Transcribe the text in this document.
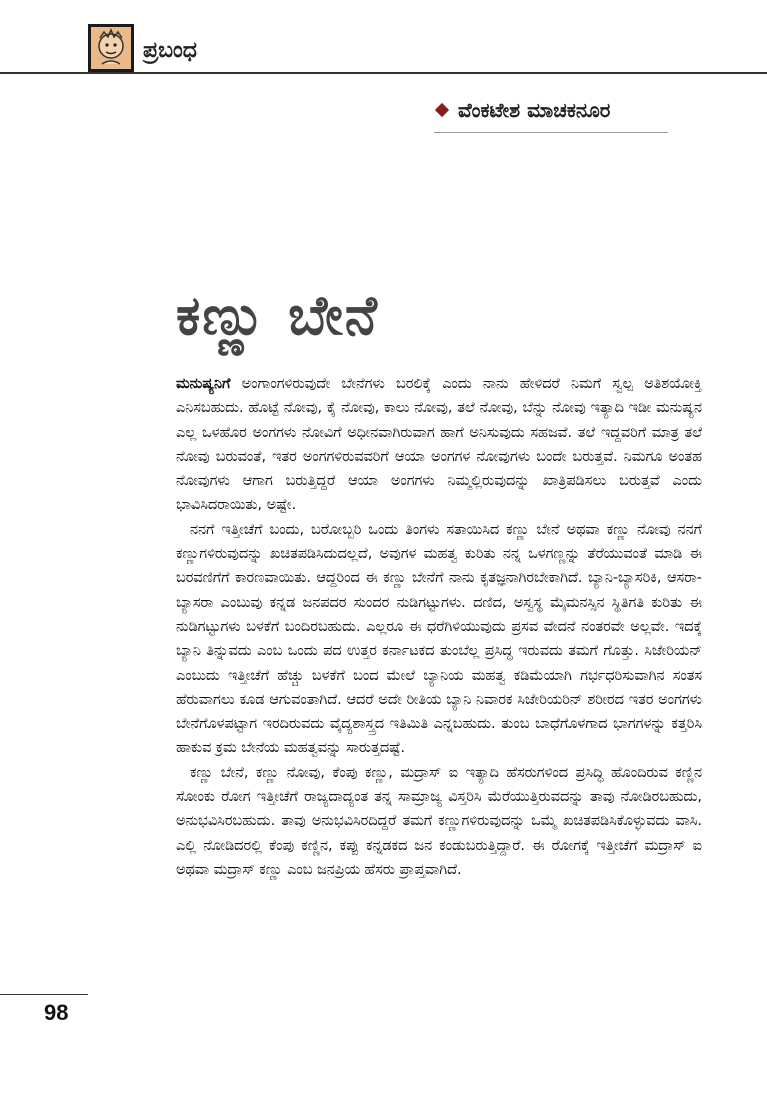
ಪ್ರಬಂಧ
ವೆಂಕಟೇಶ ಮಾಚಕನೂರ
ಕಣ್ಣು ಬೇನೆ

ಮನುಷ್ಯನಿಗೆ ಅಂಗಾಂಗಳಿರುವುದೇ ಬೇನೆಗಳು ಬರಲಿಕ್ಕೆ ಎಂದು ನಾನು ಹೇಳಿದರೆ ನಿಮಗೆ ಸ್ವಲ್ಪ ಅತಿಶಯೋಕ್ತಿ ಎನಿಸಬಹುದು. ಹೊಟ್ಟೆ ನೋವು, ಕೈ ನೋವು, ಕಾಲು ನೋವು, ತಲೆ ನೋವು, ಬೆನ್ನು ನೋವು ಇತ್ಯಾದಿ ಇಡೀ ಮನುಷ್ಯನ ಎಲ್ಲ ಒಳಹೊರ ಅಂಗಗಳು ನೋವಿಗೆ ಅಧೀನವಾಗಿರುವಾಗ ಹಾಗೆ ಅನಿಸುವುದು ಸಹಜವೆ. ತಲೆ ಇದ್ದವರಿಗೆ ಮಾತ್ರ ತಲೆ ನೋವು ಬರುವಂತೆ, ಇತರ ಅಂಗಗಳಿರುವವರಿಗೆ ಆಯಾ ಅಂಗಗಳ ನೋವುಗಳು ಬಂದೇ ಬರುತ್ತವೆ. ನಿಮಗೂ ಅಂತಹ ನೋವುಗಳು ಆಗಾಗ ಬರುತ್ತಿದ್ದರೆ ಆಯಾ ಅಂಗಗಳು ನಿಮ್ಮಲ್ಲಿರುವುದನ್ನು ಖಾತ್ರಿಪಡಿಸಲು ಬರುತ್ತವೆ ಎಂದು ಭಾವಿಸಿದರಾಯಿತು, ಅಷ್ಟೇ.

ನನಗೆ ಇತ್ತೀಚೆಗೆ ಬಂದು, ಬರೋಬ್ಬರಿ ಒಂದು ತಿಂಗಳು ಸತಾಯಿಸಿದ ಕಣ್ಣು ಬೇನೆ ಅಥವಾ ಕಣ್ಣು ನೋವು ನನಗೆ ಕಣ್ಣುಗಳಿರುವುದನ್ನು ಖಚಿತಪಡಿಸಿದುದಲ್ಲದೆ, ಅವುಗಳ ಮಹತ್ವ ಕುರಿತು ನನ್ನ ಒಳಗಣ್ಣನ್ನು ತೆರೆಯುವಂತೆ ಮಾಡಿ ಈ ಬರವಣಿಗೆಗೆ ಕಾರಣವಾಯಿತು. ಆದ್ದರಿಂದ ಈ ಕಣ್ಣು ಬೇನೆಗೆ ನಾನು ಕೃತಜ್ಞನಾಗಿರಬೇಕಾಗಿದೆ. ಬ್ಯಾನಿ-ಬ್ಯಾಸರಿಕಿ, ಆಸರಾ-ಬ್ಯಾಸರಾ ಎಂಬುವು ಕನ್ನಡ ಜನಪದರ ಸುಂದರ ನುಡಿಗಟ್ಟುಗಳು. ದಣಿದ, ಅಸ್ವಸ್ಥ ಮೈಮನಸ್ಸಿನ ಸ್ಥಿತಿಗತಿ ಕುರಿತು ಈ ನುಡಿಗಟ್ಟುಗಳು ಬಳಕೆಗೆ ಬಂದಿರಬಹುದು. ಎಲ್ಲರೂ ಈ ಧರೆಗಿಳಿಯುವುದು ಪ್ರಸವ ವೇದನೆ ನಂತರವೇ ಅಲ್ಲವೇ. ಇದಕ್ಕೆ ಬ್ಯಾನಿ ತಿನ್ನುವದು ಎಂಬ ಒಂದು ಪದ ಉತ್ತರ ಕರ್ನಾಟಕದ ತುಂಬೆಲ್ಲ ಪ್ರಸಿದ್ಧ ಇರುವದು ತಮಗೆ ಗೊತ್ತು. ಸಿಜೇರಿಯನ್ ಎಂಬುದು ಇತ್ತೀಚೆಗೆ ಹೆಚ್ಚು ಬಳಕೆಗೆ ಬಂದ ಮೇಲೆ ಬ್ಯಾನಿಯ ಮಹತ್ವ ಕಡಿಮೆಯಾಗಿ ಗರ್ಭಧರಿಸುವಾಗಿನ ಸಂತಸ ಹೆರುವಾಗಲು ಕೂಡ ಆಗುವಂತಾಗಿದೆ. ಆದರೆ ಅದೇ ರೀತಿಯ ಬ್ಯಾನಿ ನಿವಾರಕ ಸಿಜೇರಿಯರಿನ್ ಶರೀರದ ಇತರ ಅಂಗಗಳು ಬೇನೆಗೊಳಪಟ್ಟಾಗ ಇರದಿರುವದು ವೈದ್ಯಶಾಸ್ತ್ರದ ಇತಿಮಿತಿ ಎನ್ನಬಹುದು. ತುಂಬ ಬಾಧೆಗೊಳಗಾದ ಭಾಗಗಳನ್ನು ಕತ್ತರಿಸಿ ಹಾಕುವ ಕ್ರಮ ಬೇನೆಯ ಮಹತ್ವವನ್ನು ಸಾರುತ್ತದಷ್ಟೆ.

ಕಣ್ಣು ಬೇನೆ, ಕಣ್ಣು ನೋವು, ಕೆಂಪು ಕಣ್ಣು, ಮದ್ರಾಸ್ ಐ ಇತ್ಯಾದಿ ಹೆಸರುಗಳಿಂದ ಪ್ರಸಿದ್ಧಿ ಹೊಂದಿರುವ ಕಣ್ಣಿನ ಸೋಂಕು ರೋಗ ಇತ್ತೀಚೆಗೆ ರಾಜ್ಯದಾದ್ಯಂತ ತನ್ನ ಸಾಮ್ರಾಜ್ಯ ವಿಸ್ತರಿಸಿ ಮೆರೆಯುತ್ತಿರುವದನ್ನು ತಾವು ನೋಡಿರಬಹುದು, ಅನುಭವಿಸಿರಬಹುದು. ತಾವು ಅನುಭವಿಸಿರದಿದ್ದರೆ ತಮಗೆ ಕಣ್ಣುಗಳಿರುವುದನ್ನು ಒಮ್ಮೆ ಖಚಿತಪಡಿಸಿಕೊಳ್ಳುವದು ವಾಸಿ. ಎಲ್ಲಿ ನೋಡಿದರಲ್ಲಿ ಕೆಂಪು ಕಣ್ಣಿನ, ಕಪ್ಪು ಕನ್ನಡಕದ ಜನ ಕಂಡುಬರುತ್ತಿದ್ದಾರೆ. ಈ ರೋಗಕ್ಕೆ ಇತ್ತೀಚೆಗೆ ಮದ್ರಾಸ್ ಐ ಅಥವಾ ಮದ್ರಾಸ್ ಕಣ್ಣು ಎಂಬ ಜನಪ್ರಿಯ ಹೆಸರು ಪ್ರಾಪ್ತವಾಗಿದೆ.

98
